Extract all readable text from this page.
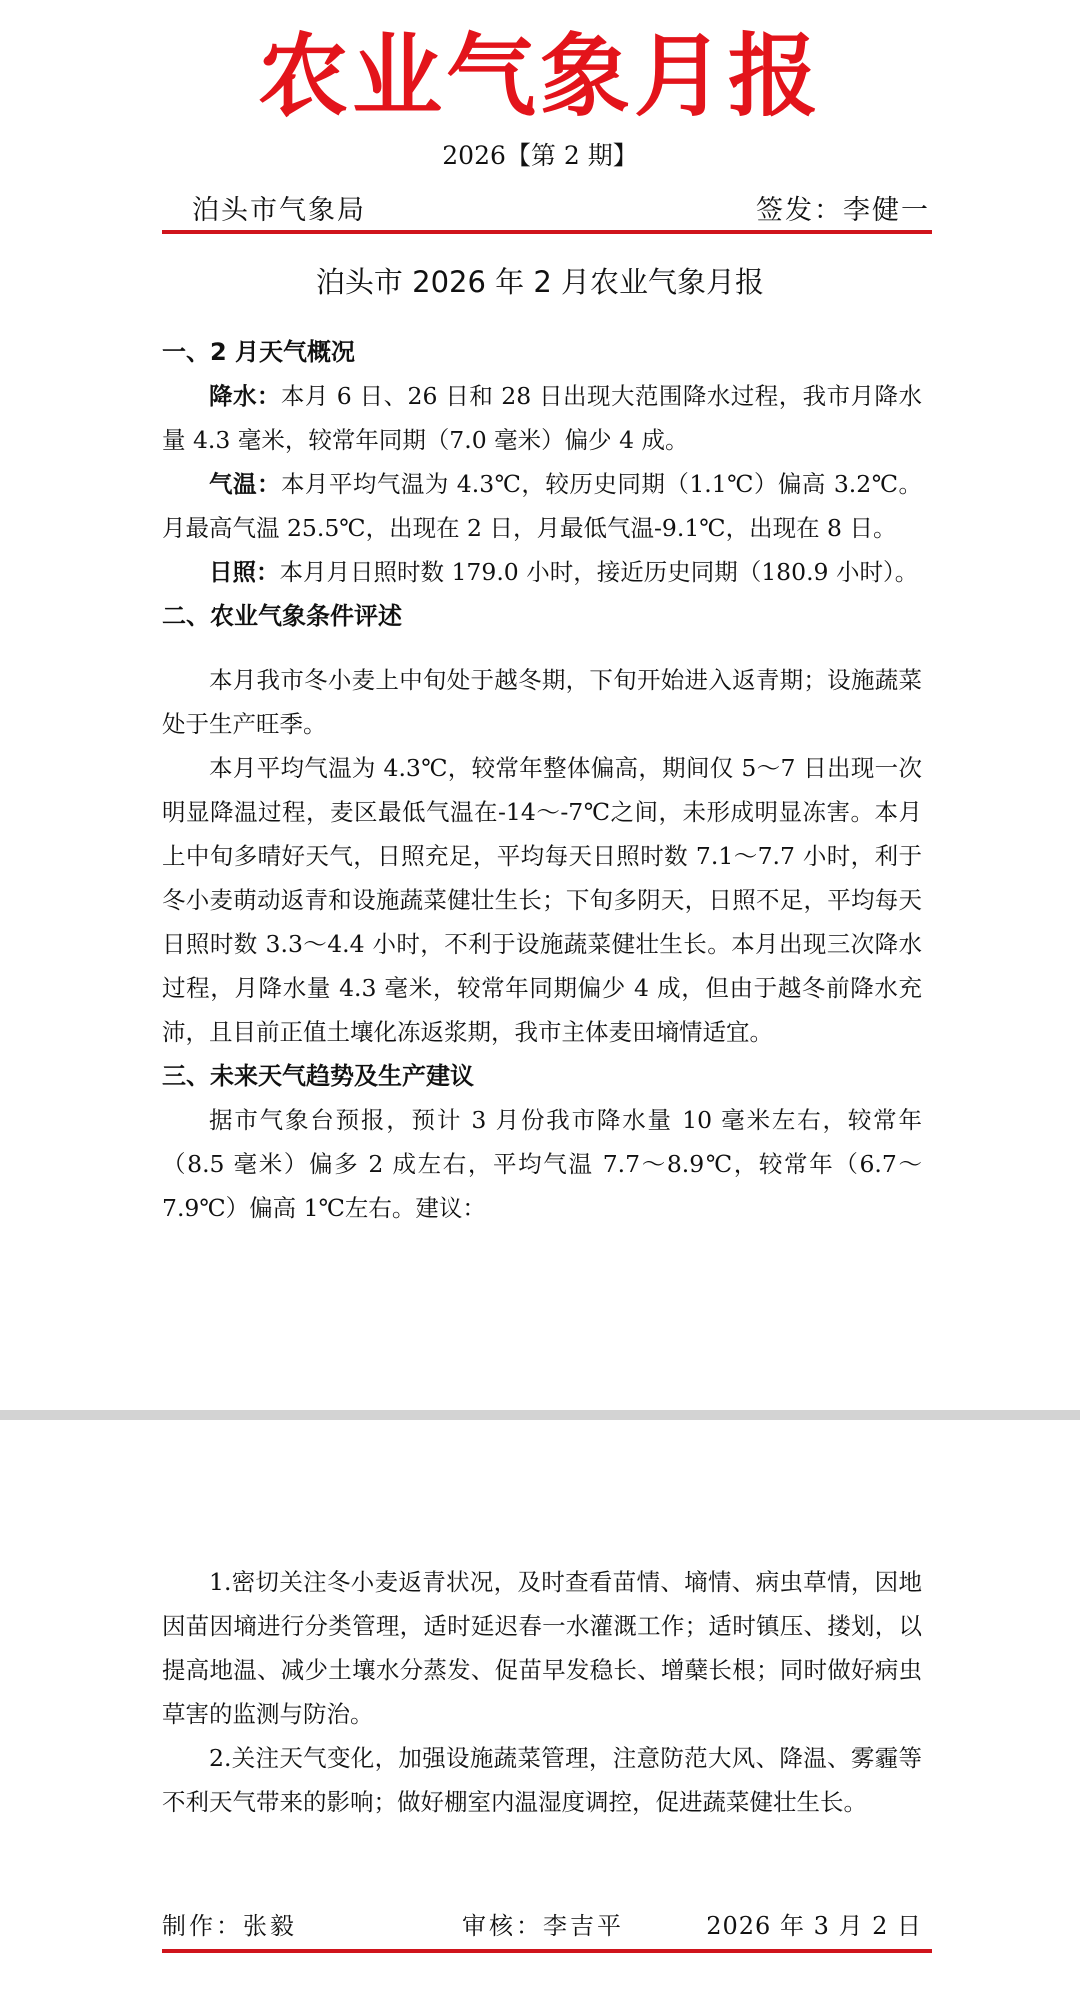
农业气象月报
2026【第 2 期】
泊头市气象局	签发：李健一
泊头市 2026 年 2 月农业气象月报
一、2 月天气概况

降水：本月 6 日、26 日和 28 日出现大范围降水过程，我市月降水量 4.3 毫米，较常年同期（7.0 毫米）偏少 4 成。

气温：本月平均气温为 4.3℃，较历史同期（1.1℃）偏高 3.2℃。月最高气温 25.5℃，出现在 2 日，月最低气温-9.1℃，出现在 8 日。

日照：本月月日照时数 179.0 小时，接近历史同期（180.9 小时）。

二、农业气象条件评述

本月我市冬小麦上中旬处于越冬期，下旬开始进入返青期；设施蔬菜处于生产旺季。

本月平均气温为 4.3℃，较常年整体偏高，期间仅 5～7 日出现一次明显降温过程，麦区最低气温在-14～-7℃之间，未形成明显冻害。本月上中旬多晴好天气，日照充足，平均每天日照时数 7.1～7.7 小时，利于冬小麦萌动返青和设施蔬菜健壮生长；下旬多阴天，日照不足，平均每天日照时数 3.3～4.4 小时，不利于设施蔬菜健壮生长。本月出现三次降水过程，月降水量 4.3 毫米，较常年同期偏少 4 成，但由于越冬前降水充沛，且目前正值土壤化冻返浆期，我市主体麦田墒情适宜。

三、未来天气趋势及生产建议

据市气象台预报，预计 3 月份我市降水量 10 毫米左右，较常年（8.5 毫米）偏多 2 成左右，平均气温 7.7～8.9℃，较常年（6.7～7.9℃）偏高 1℃左右。建议：

1.密切关注冬小麦返青状况，及时查看苗情、墒情、病虫草情，因地因苗因墒进行分类管理，适时延迟春一水灌溉工作；适时镇压、搂划，以提高地温、减少土壤水分蒸发、促苗早发稳长、增蘖长根；同时做好病虫草害的监测与防治。

2.关注天气变化，加强设施蔬菜管理，注意防范大风、降温、雾霾等不利天气带来的影响；做好棚室内温湿度调控，促进蔬菜健壮生长。

制作：张毅	审核：李吉平	2026 年 3 月 2 日
